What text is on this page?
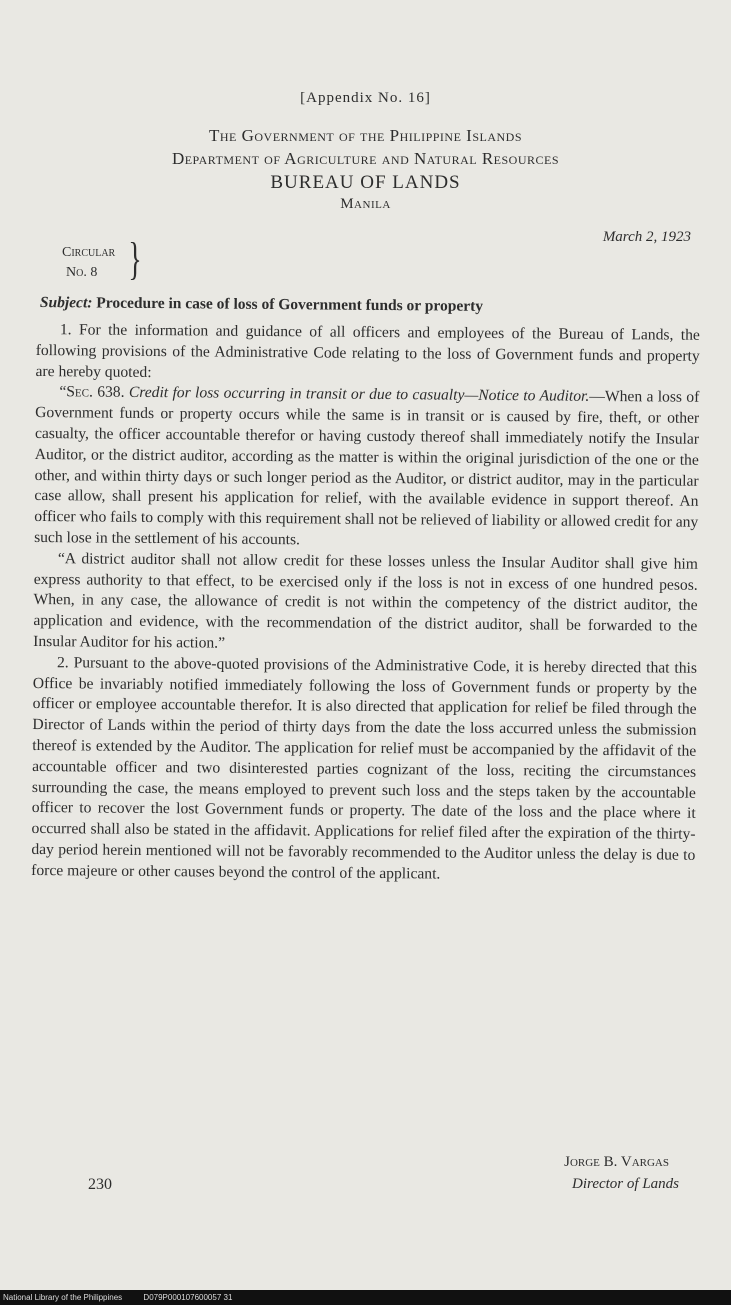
[Appendix No. 16]
The Government of the Philippine Islands
Department of Agriculture and Natural Resources
BUREAU OF LANDS
Manila
March 2, 1923
Circular
No. 8 }
Subject: Procedure in case of loss of Government funds or property

1. For the information and guidance of all officers and employees of the Bureau of Lands, the following provisions of the Administrative Code relating to the loss of Government funds and property are hereby quoted:

“Sec. 638. Credit for loss occurring in transit or due to casualty—Notice to Auditor.—When a loss of Government funds or property occurs while the same is in transit or is caused by fire, theft, or other casualty, the officer accountable therefor or having custody thereof shall immediately notify the Insular Auditor, or the district auditor, according as the matter is within the original jurisdiction of the one or the other, and within thirty days or such longer period as the Auditor, or district auditor, may in the particular case allow, shall present his application for relief, with the available evidence in support thereof. An officer who fails to comply with this requirement shall not be relieved of liability or allowed credit for any such lose in the settlement of his accounts.

“A district auditor shall not allow credit for these losses unless the Insular Auditor shall give him express authority to that effect, to be exercised only if the loss is not in excess of one hundred pesos. When, in any case, the allowance of credit is not within the competency of the district auditor, the application and evidence, with the recommendation of the district auditor, shall be forwarded to the Insular Auditor for his action.”

2. Pursuant to the above-quoted provisions of the Administrative Code, it is hereby directed that this Office be invariably notified immediately following the loss of Government funds or property by the officer or employee accountable therefor. It is also directed that application for relief be filed through the Director of Lands within the period of thirty days from the date the loss accurred unless the submission thereof is extended by the Auditor. The application for relief must be accompanied by the affidavit of the accountable officer and two disinterested parties cognizant of the loss, reciting the circumstances surrounding the case, the means employed to prevent such loss and the steps taken by the accountable officer to recover the lost Government funds or property. The date of the loss and the place where it occurred shall also be stated in the affidavit. Applications for relief filed after the expiration of the thirty-day period herein mentioned will not be favorably recommended to the Auditor unless the delay is due to force majeure or other causes beyond the control of the applicant.

Jorge B. Vargas
Director of Lands
230
National Library of the Philippines	D079P000107600057 31
